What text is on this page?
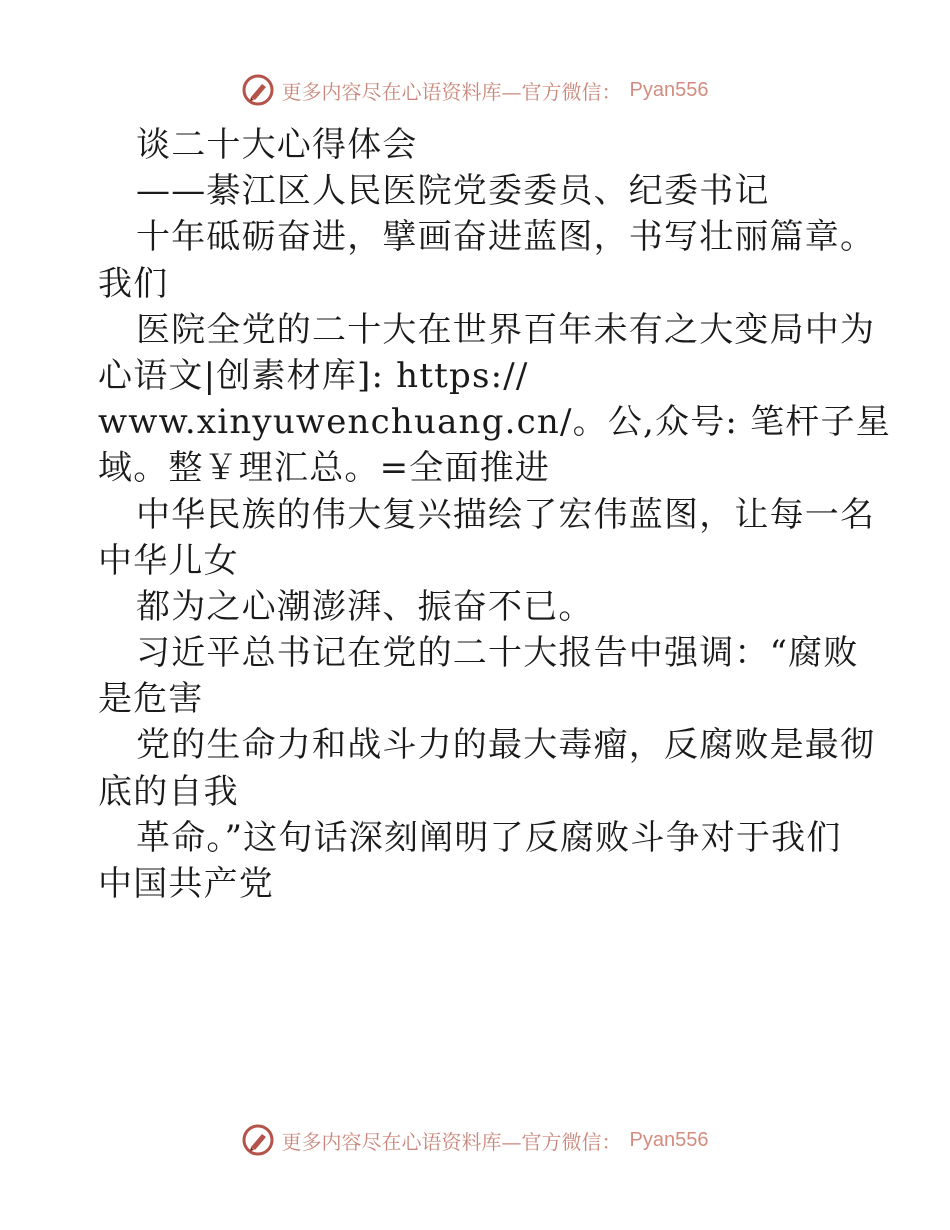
更多内容尽在心语资料库—官方微信： Pyan556
谈二十大心得体会
——綦江区人民医院党委委员、纪委书记
十年砥砺奋进，擘画奋进蓝图，书写壮丽篇章。
我们
医院全党的二十大在世界百年未有之大变局中为
心语文|创素材库]: https://
www.xinyuwenchuang.cn/。公,众号: 笔杆子星
域。整￥理汇总。=全面推进
中华民族的伟大复兴描绘了宏伟蓝图，让每一名
中华儿女
都为之心潮澎湃、振奋不已。
习近平总书记在党的二十大报告中强调：“腐败
是危害
党的生命力和战斗力的最大毒瘤，反腐败是最彻
底的自我
革命。”这句话深刻阐明了反腐败斗争对于我们
中国共产党
更多内容尽在心语资料库—官方微信： Pyan556
